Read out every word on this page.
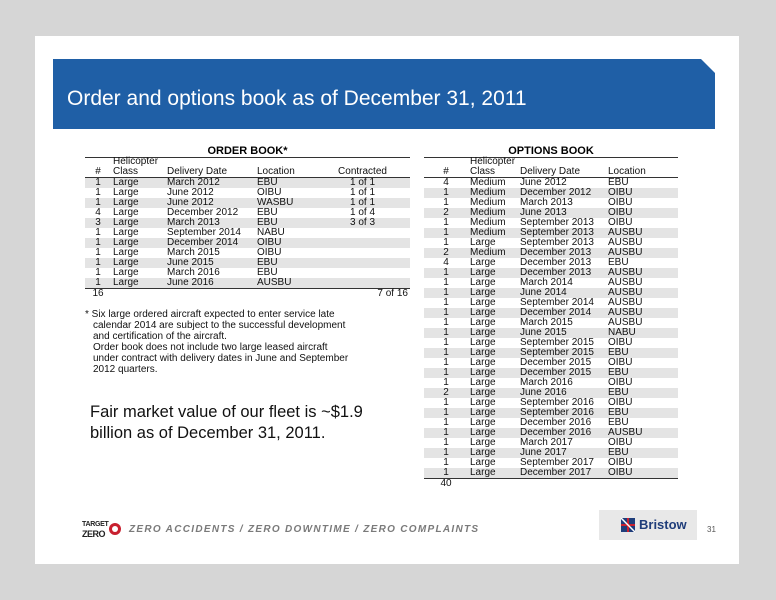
Order and options book as of December 31, 2011
ORDER BOOK*	OPTIONS BOOK
#	Helicopter Class	Delivery Date	Location	Contracted
1	Large	March 2012	EBU	1 of 1
1	Large	June 2012	OIBU	1 of 1
1	Large	June 2012	WASBU	1 of 1
4	Large	December 2012	EBU	1 of 4
3	Large	March 2013	EBU	3 of 3
1	Large	September 2014	NABU	
1	Large	December 2014	OIBU	
1	Large	March 2015	OIBU	
1	Large	June 2015	EBU	
1	Large	March 2016	EBU	
1	Large	June 2016	AUSBU	
16				7 of 16
* Six large ordered aircraft expected to enter service late
calendar 2014 are subject to the successful development
and certification of the aircraft.
Order book does not include two large leased aircraft
under contract with delivery dates in June and September
2012 quarters.
#	Helicopter Class	Delivery Date	Location
4	Medium	June 2012	EBU
1	Medium	December 2012	OIBU
1	Medium	March 2013	OIBU
2	Medium	June 2013	OIBU
1	Medium	September 2013	OIBU
1	Medium	September 2013	AUSBU
1	Large	September 2013	AUSBU
2	Medium	December 2013	AUSBU
4	Large	December 2013	EBU
1	Large	December 2013	AUSBU
1	Large	March 2014	AUSBU
1	Large	June 2014	AUSBU
1	Large	September 2014	AUSBU
1	Large	December 2014	AUSBU
1	Large	March 2015	AUSBU
1	Large	June 2015	NABU
1	Large	September 2015	OIBU
1	Large	September 2015	EBU
1	Large	December 2015	OIBU
1	Large	December 2015	EBU
1	Large	March 2016	OIBU
2	Large	June 2016	EBU
1	Large	September 2016	OIBU
1	Large	September 2016	EBU
1	Large	December 2016	EBU
1	Large	December 2016	AUSBU
1	Large	March 2017	OIBU
1	Large	June 2017	EBU
1	Large	September 2017	OIBU
1	Large	December 2017	OIBU
40			
Fair market value of our fleet is ~$1.9 billion as of December 31, 2011.
TARGET
ZERO ZERO ACCIDENTS / ZERO DOWNTIME / ZERO COMPLAINTS	Bristow	31
